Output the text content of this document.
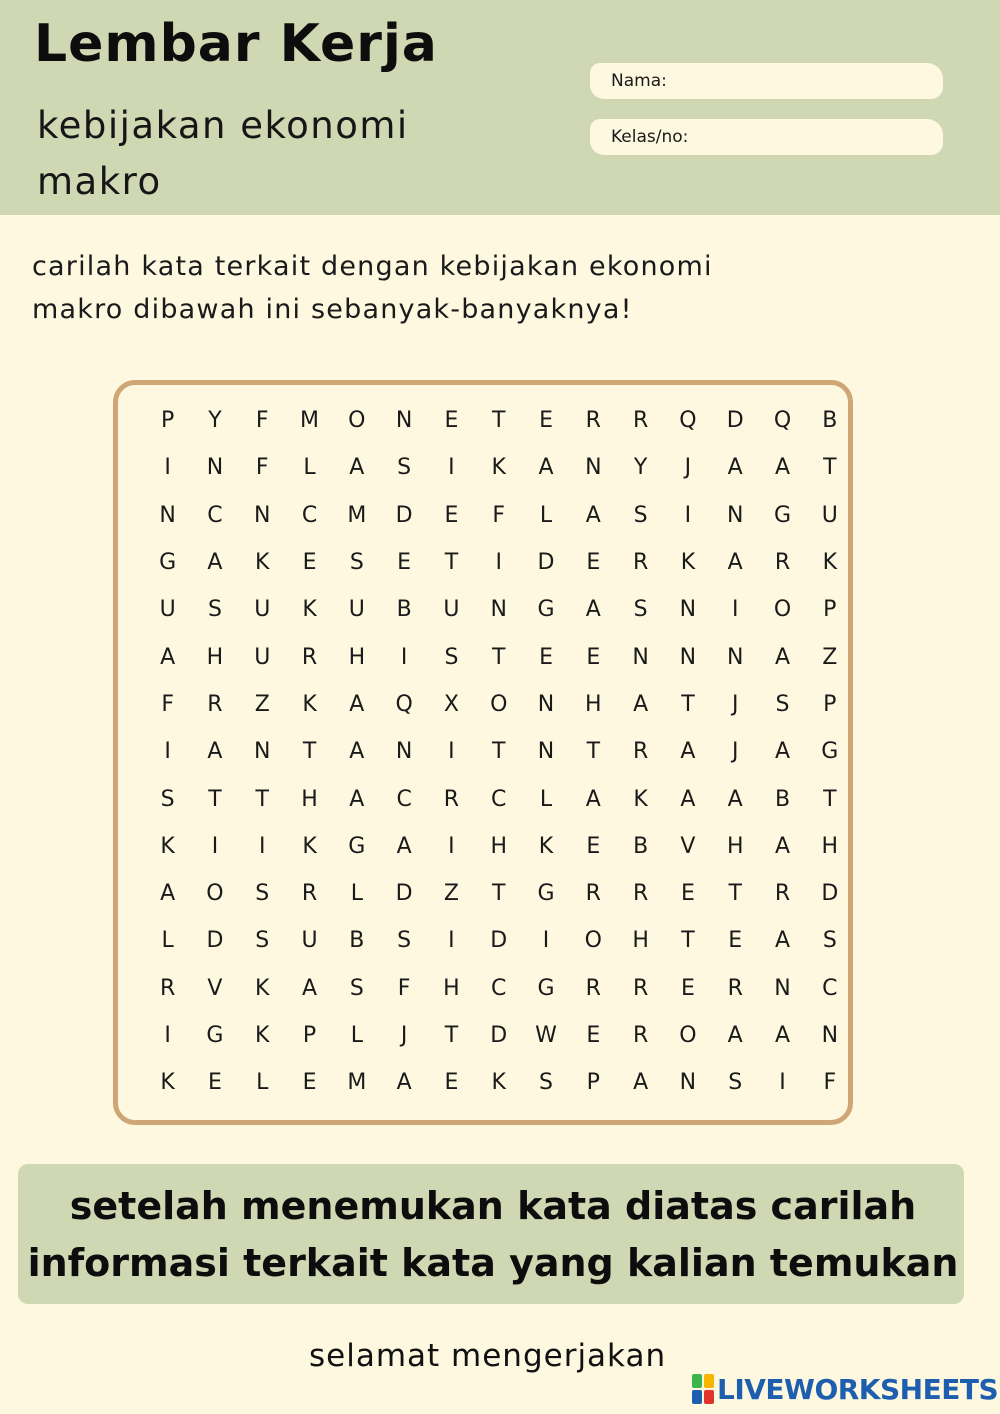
Lembar Kerja
kebijakan ekonomi makro
Nama:
Kelas/no:
carilah kata terkait dengan kebijakan ekonomi makro dibawah ini sebanyak-banyaknya!
P	Y	F	M	O	N	E	T	E	R	R	Q	D	Q	B
I	N	F	L	A	S	I	K	A	N	Y	J	A	A	T
N	C	N	C	M	D	E	F	L	A	S	I	N	G	U
G	A	K	E	S	E	T	I	D	E	R	K	A	R	K
U	S	U	K	U	B	U	N	G	A	S	N	I	O	P
A	H	U	R	H	I	S	T	E	E	N	N	N	A	Z
F	R	Z	K	A	Q	X	O	N	H	A	T	J	S	P
I	A	N	T	A	N	I	T	N	T	R	A	J	A	G
S	T	T	H	A	C	R	C	L	A	K	A	A	B	T
K	I	I	K	G	A	I	H	K	E	B	V	H	A	H
A	O	S	R	L	D	Z	T	G	R	R	E	T	R	D
L	D	S	U	B	S	I	D	I	O	H	T	E	A	S
R	V	K	A	S	F	H	C	G	R	R	E	R	N	C
I	G	K	P	L	J	T	D	W	E	R	O	A	A	N
K	E	L	E	M	A	E	K	S	P	A	N	S	I	F
setelah menemukan kata diatas carilah informasi terkait kata yang kalian temukan
selamat mengerjakan
LIVEWORKSHEETS
